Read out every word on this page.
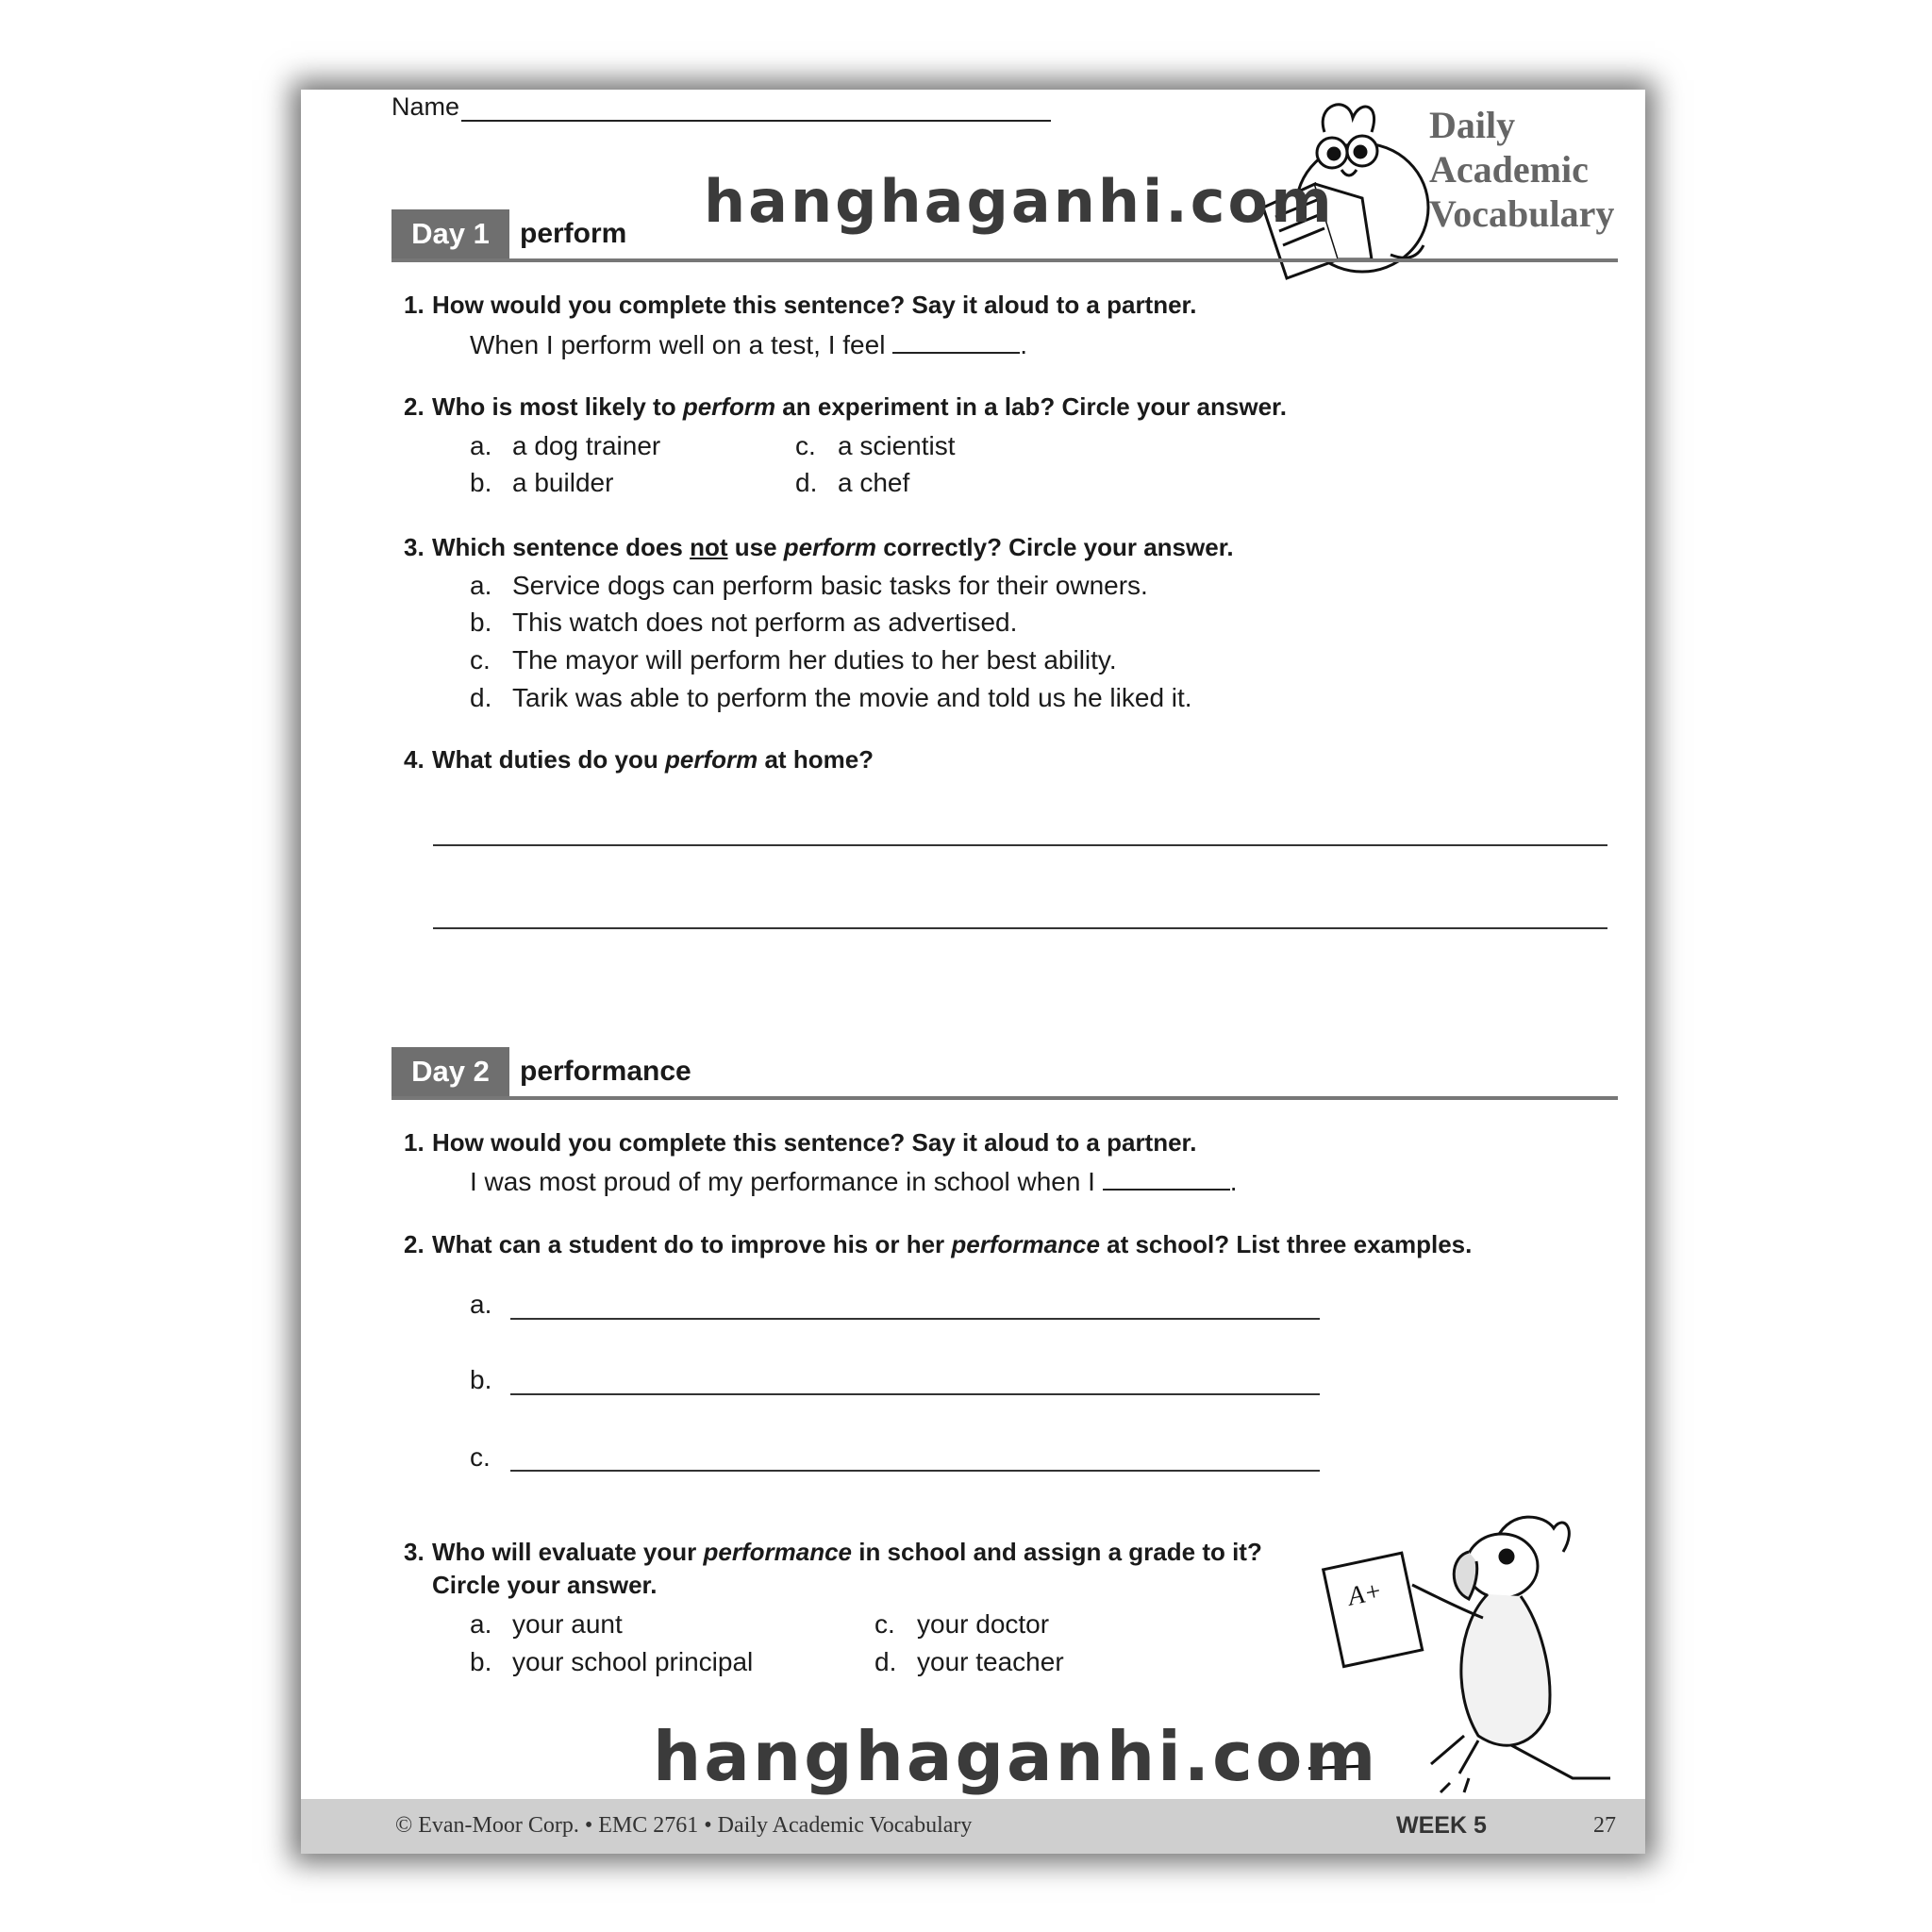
Name	Daily
Academic
Vocabulary
Day 1	perform hanghaganhi.com
1. How would you complete this sentence? Say it aloud to a partner.
When I perform well on a test, I feel	.
2. Who is most likely to perform an experiment in a lab? Circle your answer.
a. a dog trainer
b. a builder
c. a scientist
d. a chef
3. Which sentence does not use perform correctly? Circle your answer.
a. Service dogs can perform basic tasks for their owners.
b. This watch does not perform as advertised.
c. The mayor will perform her duties to her best ability.
d. Tarik was able to perform the movie and told us he liked it.
4. What duties do you perform at home?
Day 2	performance
1. How would you complete this sentence? Say it aloud to a partner.
I was most proud of my performance in school when I	.
2. What can a student do to improve his or her performance at school? List three examples.
a.
b.
c.
3. Who will evaluate your performance in school and assign a grade to it?
Circle your answer.
a. your aunt
b. your school principal
c. your doctor
d. your teacher
A+
hanghaganhi.com
© Evan-Moor Corp. • EMC 2761 • Daily Academic Vocabulary	WEEK 5	27
